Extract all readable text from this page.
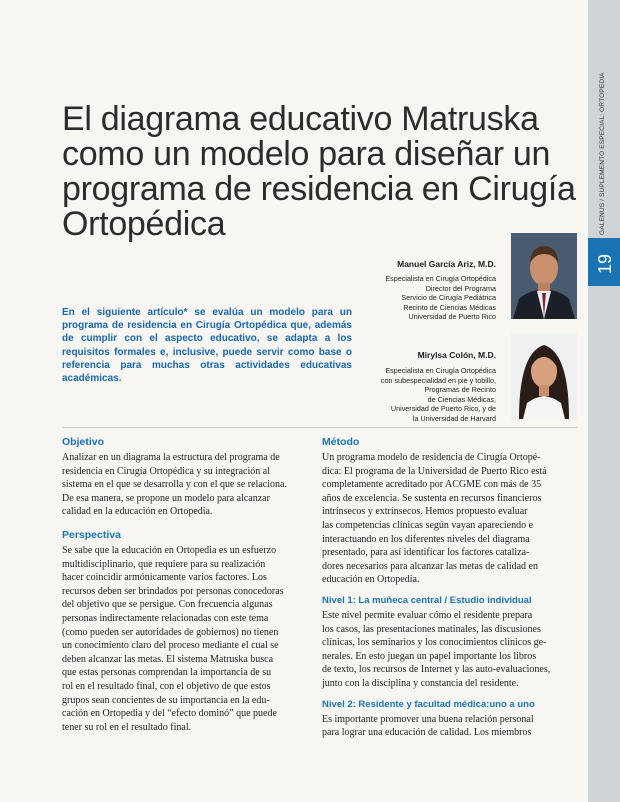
GALENUS / SUPLEMENTO ESPECIAL: ORTOPEDIA
19
El diagrama educativo Matruska como un modelo para diseñar un programa de residencia en Cirugía Ortopédica
Manuel García Ariz, M.D.
Especialista en Cirugía Ortopédica
Director del Programa
Servicio de Cirugía Pediátrica
Recinto de Ciencias Médicas
Universidad de Puerto Rico
Mirylsa Colón, M.D.
Especialista en Cirugía Ortopédica
con subespecialidad en pie y tobillo,
Programas de Recinto
de Ciencias Médicas,
Universidad de Puerto Rico, y de
la Universidad de Harvard
En el siguiente artículo* se evalúa un modelo para un programa de residencia en Cirugía Ortopédica que, además de cumplir con el aspecto educativo, se adapta a los requisitos formales e, inclusive, puede servir como base o referencia para muchas otras actividades educativas académicas.
Objetivo
Analizar en un diagrama la estructura del programa de
residencia en Cirugía Ortopédica y su integración al
sistema en el que se desarrolla y con el que se relaciona.
De esa manera, se propone un modelo para alcanzar
calidad en la educación en Ortopedia.
Perspectiva
Se sabe que la educación en Ortopedia es un esfuerzo
multidisciplinario, que requiere para su realización
hacer coincidir armónicamente varios factores. Los
recursos deben ser brindados por personas conocedoras
del objetivo que se persigue. Con frecuencia algunas
personas indirectamente relacionadas con este tema
(como pueden ser autoridades de gobiernos) no tienen
un conocimiento claro del proceso mediante el cual se
deben alcanzar las metas. El sistema Matruska busca
que estas personas comprendan la importancia de su
rol en el resultado final, con el objetivo de que estos
grupos sean concientes de su importancia en la edu-
cación en Ortopedia y del “efecto dominó” que puede
tener su rol en el resultado final.
Método
Un programa modelo de residencia de Cirugía Ortopé-
dica: El programa de la Universidad de Puerto Rico está
completamente acreditado por ACGME con más de 35
años de excelencia. Se sustenta en recursos financieros
intrínsecos y extrínsecos. Hemos propuesto evaluar
las competencias clínicas según vayan apareciendo e
interactuando en los diferentes niveles del diagrama
presentado, para así identificar los factores cataliza-
dores necesarios para alcanzar las metas de calidad en
educación en Ortopedia.
Nivel 1: La muñeca central / Estudio individual
Este nivel permite evaluar cómo el residente prepara
los casos, las presentaciones matinales, las discusiones
clínicas, los seminarios y los conocimientos clínicos ge-
nerales. En esto juegan un papel importante los libros
de texto, los recursos de Internet y las auto-evaluaciones,
junto con la disciplina y constancia del residente.
Nivel 2: Residente y facultad médica:uno a uno
Es importante promover una buena relación personal
para lograr una educación de calidad. Los miembros
